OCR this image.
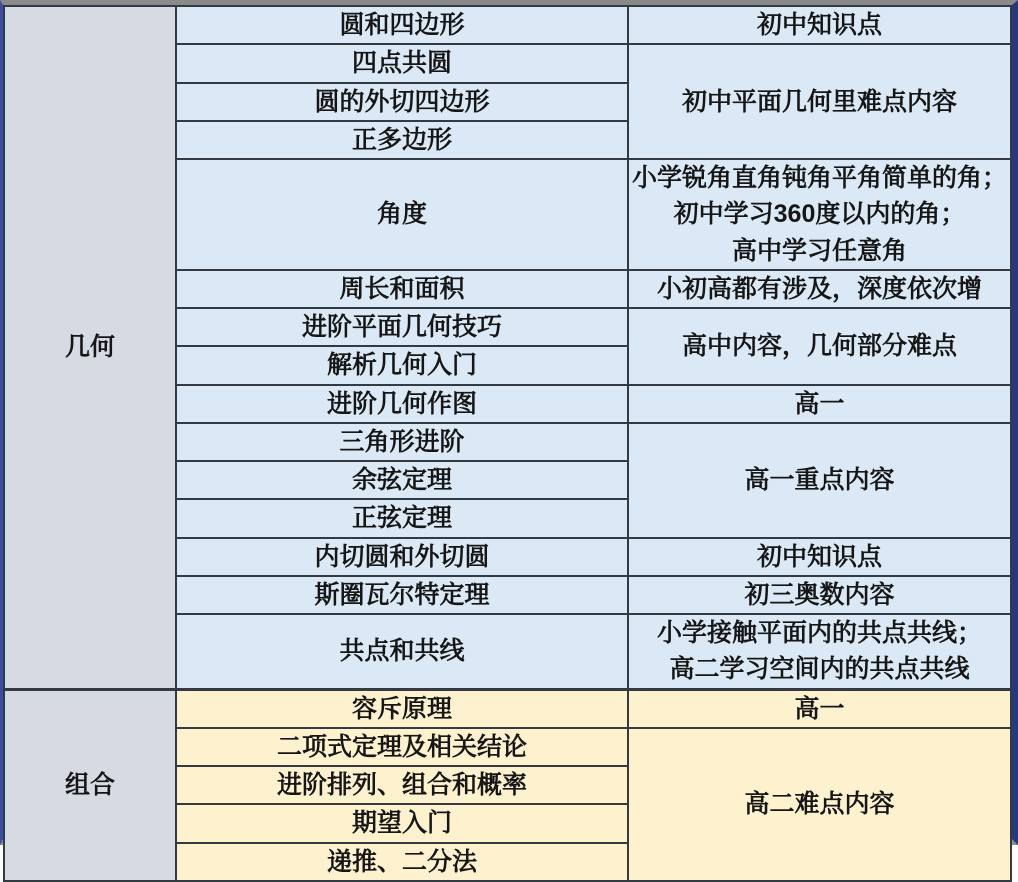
几何	圆和四边形	初中知识点
	四点共圆	初中平面几何里难点内容
	圆的外切四边形	
	正多边形	
	角度	小学锐角直角钝角平角简单的角；
初中学习360度以内的角；
高中学习任意角

	周长和面积	小初高都有涉及，深度依次增
	进阶平面几何技巧	高中内容，几何部分难点
	解析几何入门	
	进阶几何作图	高一
	三角形进阶	高一重点内容
	余弦定理	
	正弦定理	
	内切圆和外切圆	初中知识点
	斯圈瓦尔特定理	初三奥数内容
	共点和共线	小学接触平面内的共点共线；
高二学习空间内的共点共线

组合	容斥原理	高一
	二项式定理及相关结论	高二难点内容
	进阶排列、组合和概率	
	期望入门	
	递推、二分法	
